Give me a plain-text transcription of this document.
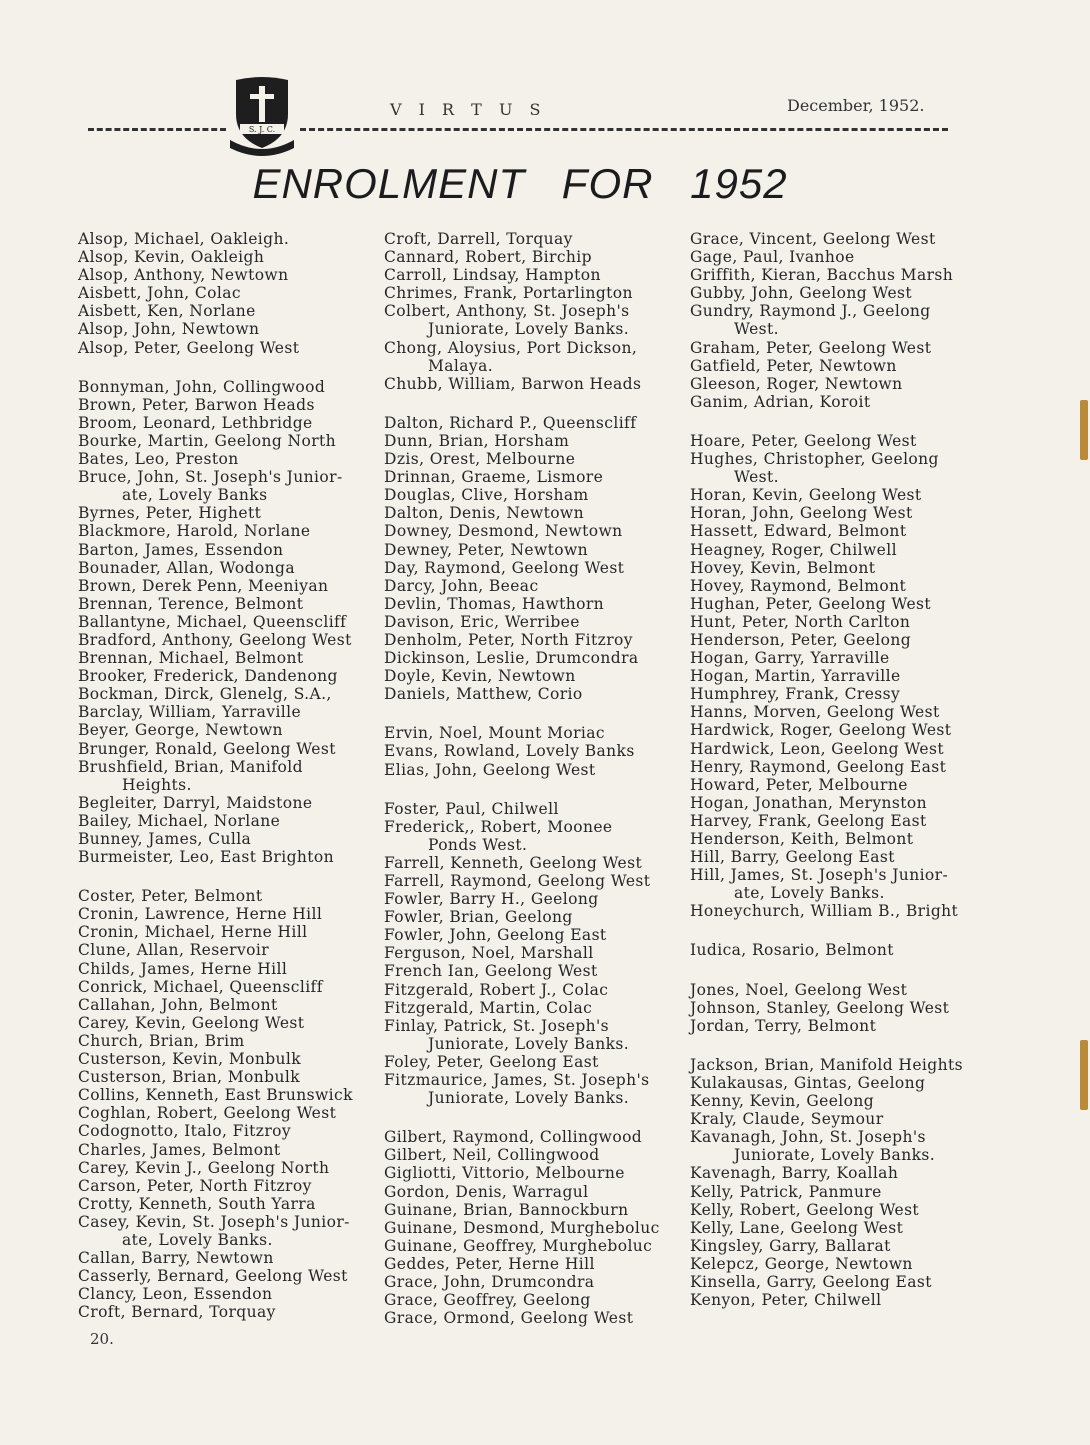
S. J. C.
V I R T U S	December, 1952.
ENROLMENT FOR 1952
Alsop, Michael, Oakleigh.
Alsop, Kevin, Oakleigh
Alsop, Anthony, Newtown
Aisbett, John, Colac
Aisbett, Ken, Norlane
Alsop, John, Newtown
Alsop, Peter, Geelong West
Bonnyman, John, Collingwood
Brown, Peter, Barwon Heads
Broom, Leonard, Lethbridge
Bourke, Martin, Geelong North
Bates, Leo, Preston
Bruce, John, St. Joseph's Junior-
ate, Lovely Banks
Byrnes, Peter, Highett
Blackmore, Harold, Norlane
Barton, James, Essendon
Bounader, Allan, Wodonga
Brown, Derek Penn, Meeniyan
Brennan, Terence, Belmont
Ballantyne, Michael, Queenscliff
Bradford, Anthony, Geelong West
Brennan, Michael, Belmont
Brooker, Frederick, Dandenong
Bockman, Dirck, Glenelg, S.A.,
Barclay, William, Yarraville
Beyer, George, Newtown
Brunger, Ronald, Geelong West
Brushfield, Brian, Manifold
Heights.
Begleiter, Darryl, Maidstone
Bailey, Michael, Norlane
Bunney, James, Culla
Burmeister, Leo, East Brighton
Coster, Peter, Belmont
Cronin, Lawrence, Herne Hill
Cronin, Michael, Herne Hill
Clune, Allan, Reservoir
Childs, James, Herne Hill
Conrick, Michael, Queenscliff
Callahan, John, Belmont
Carey, Kevin, Geelong West
Church, Brian, Brim
Custerson, Kevin, Monbulk
Custerson, Brian, Monbulk
Collins, Kenneth, East Brunswick
Coghlan, Robert, Geelong West
Codognotto, Italo, Fitzroy
Charles, James, Belmont
Carey, Kevin J., Geelong North
Carson, Peter, North Fitzroy
Crotty, Kenneth, South Yarra
Casey, Kevin, St. Joseph's Junior-
ate, Lovely Banks.
Callan, Barry, Newtown
Casserly, Bernard, Geelong West
Clancy, Leon, Essendon
Croft, Bernard, Torquay
Croft, Darrell, Torquay
Cannard, Robert, Birchip
Carroll, Lindsay, Hampton
Chrimes, Frank, Portarlington
Colbert, Anthony, St. Joseph's
Juniorate, Lovely Banks.
Chong, Aloysius, Port Dickson,
Malaya.
Chubb, William, Barwon Heads
Dalton, Richard P., Queenscliff
Dunn, Brian, Horsham
Dzis, Orest, Melbourne
Drinnan, Graeme, Lismore
Douglas, Clive, Horsham
Dalton, Denis, Newtown
Downey, Desmond, Newtown
Dewney, Peter, Newtown
Day, Raymond, Geelong West
Darcy, John, Beeac
Devlin, Thomas, Hawthorn
Davison, Eric, Werribee
Denholm, Peter, North Fitzroy
Dickinson, Leslie, Drumcondra
Doyle, Kevin, Newtown
Daniels, Matthew, Corio
Ervin, Noel, Mount Moriac
Evans, Rowland, Lovely Banks
Elias, John, Geelong West
Foster, Paul, Chilwell
Frederick,, Robert, Moonee
Ponds West.
Farrell, Kenneth, Geelong West
Farrell, Raymond, Geelong West
Fowler, Barry H., Geelong
Fowler, Brian, Geelong
Fowler, John, Geelong East
Ferguson, Noel, Marshall
French Ian, Geelong West
Fitzgerald, Robert J., Colac
Fitzgerald, Martin, Colac
Finlay, Patrick, St. Joseph's
Juniorate, Lovely Banks.
Foley, Peter, Geelong East
Fitzmaurice, James, St. Joseph's
Juniorate, Lovely Banks.
Gilbert, Raymond, Collingwood
Gilbert, Neil, Collingwood
Gigliotti, Vittorio, Melbourne
Gordon, Denis, Warragul
Guinane, Brian, Bannockburn
Guinane, Desmond, Murgheboluc
Guinane, Geoffrey, Murgheboluc
Geddes, Peter, Herne Hill
Grace, John, Drumcondra
Grace, Geoffrey, Geelong
Grace, Ormond, Geelong West
Grace, Vincent, Geelong West
Gage, Paul, Ivanhoe
Griffith, Kieran, Bacchus Marsh
Gubby, John, Geelong West
Gundry, Raymond J., Geelong
West.
Graham, Peter, Geelong West
Gatfield, Peter, Newtown
Gleeson, Roger, Newtown
Ganim, Adrian, Koroit
Hoare, Peter, Geelong West
Hughes, Christopher, Geelong
West.
Horan, Kevin, Geelong West
Horan, John, Geelong West
Hassett, Edward, Belmont
Heagney, Roger, Chilwell
Hovey, Kevin, Belmont
Hovey, Raymond, Belmont
Hughan, Peter, Geelong West
Hunt, Peter, North Carlton
Henderson, Peter, Geelong
Hogan, Garry, Yarraville
Hogan, Martin, Yarraville
Humphrey, Frank, Cressy
Hanns, Morven, Geelong West
Hardwick, Roger, Geelong West
Hardwick, Leon, Geelong West
Henry, Raymond, Geelong East
Howard, Peter, Melbourne
Hogan, Jonathan, Merynston
Harvey, Frank, Geelong East
Henderson, Keith, Belmont
Hill, Barry, Geelong East
Hill, James, St. Joseph's Junior-
ate, Lovely Banks.
Honeychurch, William B., Bright
Iudica, Rosario, Belmont
Jones, Noel, Geelong West
Johnson, Stanley, Geelong West
Jordan, Terry, Belmont
Jackson, Brian, Manifold Heights
Kulakausas, Gintas, Geelong
Kenny, Kevin, Geelong
Kraly, Claude, Seymour
Kavanagh, John, St. Joseph's
Juniorate, Lovely Banks.
Kavenagh, Barry, Koallah
Kelly, Patrick, Panmure
Kelly, Robert, Geelong West
Kelly, Lane, Geelong West
Kingsley, Garry, Ballarat
Kelepcz, George, Newtown
Kinsella, Garry, Geelong East
Kenyon, Peter, Chilwell
20.
